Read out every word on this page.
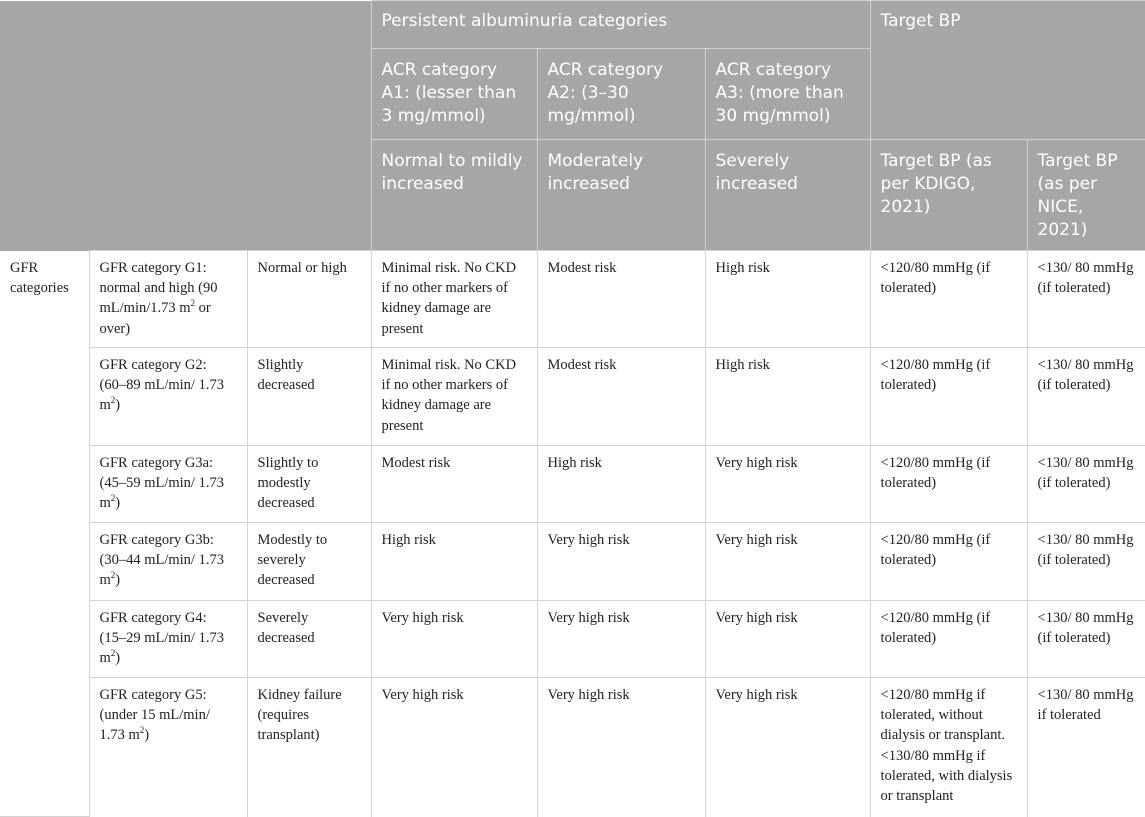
			Persistent albuminuria categories			Target BP	
			ACR category A1: (lesser than 3 mg/mmol)	ACR category A2: (3–30 mg/mmol)	ACR category A3: (more than 30 mg/mmol)		
			Normal to mildly increased	Moderately increased	Severely increased	Target BP (as per KDIGO, 2021)	Target BP (as per NICE, 2021)
GFR categories	GFR category G1: normal and high (90 mL/min/1.73 $m^2$ or over)	Normal or high	Minimal risk. No CKD if no other markers of kidney damage are present	Modest risk	High risk	<120/80 mmHg (if tolerated)	<130/ 80 mmHg (if tolerated)
	GFR category G2: (60–89 mL/min/ 1.73 $m^2$)	Slightly decreased	Minimal risk. No CKD if no other markers of kidney damage are present	Modest risk	High risk	<120/80 mmHg (if tolerated)	<130/ 80 mmHg (if tolerated)
	GFR category G3a: (45–59 mL/min/ 1.73 $m^2$)	Slightly to modestly decreased	Modest risk	High risk	Very high risk	<120/80 mmHg (if tolerated)	<130/ 80 mmHg (if tolerated)
	GFR category G3b: (30–44 mL/min/ 1.73 $m^2$)	Modestly to severely decreased	High risk	Very high risk	Very high risk	<120/80 mmHg (if tolerated)	<130/ 80 mmHg (if tolerated)
	GFR category G4: (15–29 mL/min/ 1.73 $m^2$)	Severely decreased	Very high risk	Very high risk	Very high risk	<120/80 mmHg (if tolerated)	<130/ 80 mmHg (if tolerated)
	GFR category G5: (under 15 mL/min/ 1.73 $m^2$)	Kidney failure (requires transplant)	Very high risk	Very high risk	Very high risk	<120/80 mmHg if tolerated, without dialysis or transplant. <130/80 mmHg if tolerated, with dialysis or transplant	<130/ 80 mmHg if tolerated
